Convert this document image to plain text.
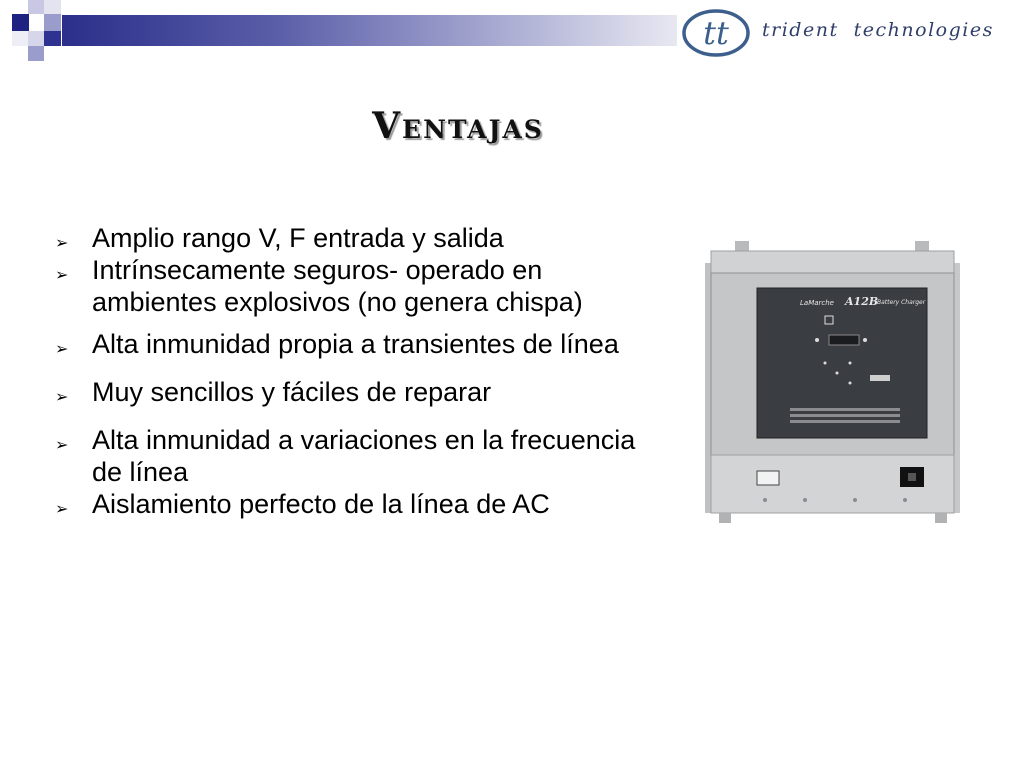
tt trident  technologies
Ventajas
➢ Amplio rango V, F entrada y salida
➢ Intrínsecamente seguros- operado en ambientes explosivos (no genera chispa)
➢ Alta inmunidad propia a transientes de línea
➢ Muy sencillos y fáciles de reparar
➢ Alta inmunidad a variaciones en la frecuencia de línea
➢ Aislamiento perfecto de la línea de AC
LaMarche A12B
Battery Charger
